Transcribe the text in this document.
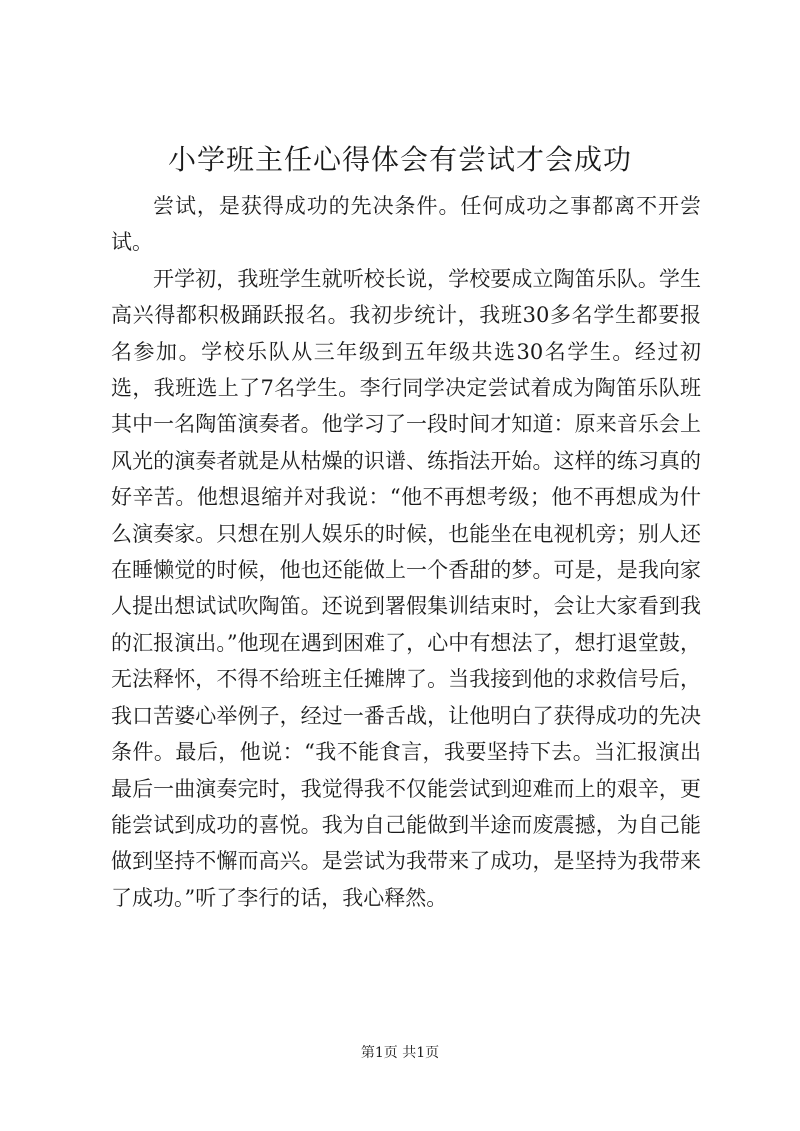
小学班主任心得体会有尝试才会成功

尝试，是获得成功的先决条件。任何成功之事都离不开尝试。

开学初，我班学生就听校长说，学校要成立陶笛乐队。学生高兴得都积极踊跃报名。我初步统计，我班30多名学生都要报名参加。学校乐队从三年级到五年级共选30名学生。经过初选，我班选上了7名学生。李行同学决定尝试着成为陶笛乐队班其中一名陶笛演奏者。他学习了一段时间才知道：原来音乐会上风光的演奏者就是从枯燥的识谱、练指法开始。这样的练习真的好辛苦。他想退缩并对我说：“他不再想考级；他不再想成为什么演奏家。只想在别人娱乐的时候，也能坐在电视机旁；别人还在睡懒觉的时候，他也还能做上一个香甜的梦。可是，是我向家人提出想试试吹陶笛。还说到署假集训结束时，会让大家看到我的汇报演出。”他现在遇到困难了，心中有想法了，想打退堂鼓，无法释怀，不得不给班主任摊牌了。当我接到他的求救信号后，我口苦婆心举例子，经过一番舌战，让他明白了获得成功的先决条件。最后，他说：“我不能食言，我要坚持下去。当汇报演出最后一曲演奏完时，我觉得我不仅能尝试到迎难而上的艰辛，更能尝试到成功的喜悦。我为自己能做到半途而废震撼，为自己能做到坚持不懈而高兴。是尝试为我带来了成功，是坚持为我带来了成功。”听了李行的话，我心释然。

第1页 共1页
